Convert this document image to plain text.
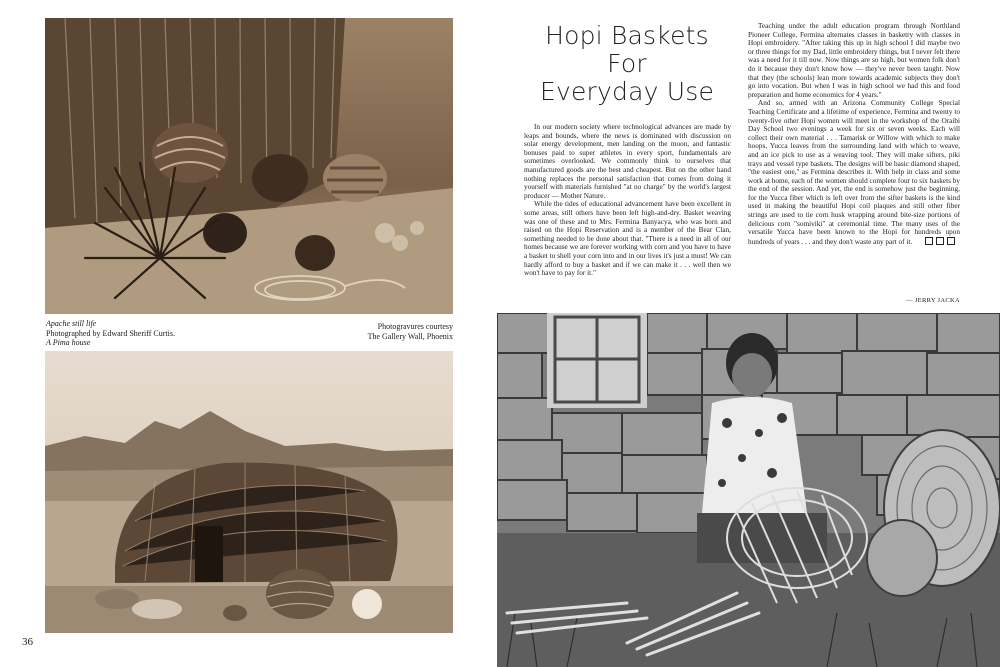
Apache still life
Photographed by Edward Sheriff Curtis.
A Pima house
Photogravures courtesy
The Gallery Wall, Phoenix
36
Hopi Baskets
For
Everyday Use

In our modern society where technological advances are made by leaps and bounds, where the news is dominated with discussion on solar energy development, men landing on the moon, and fantastic bonuses paid to super athletes in every sport, fundamentals are sometimes overlooked. We commonly think to ourselves that manufactured goods are the best and cheapest. But on the other hand nothing replaces the personal satisfaction that comes from doing it yourself with materials furnished "at no charge" by the world's largest producer — Mother Nature.

While the tides of educational advancement have been excellent in some areas, still others have been left high-and-dry. Basket weaving was one of these and to Mrs. Fermina Banyacya, who was born and raised on the Hopi Reservation and is a member of the Bear Clan, something needed to be done about that. "There is a need in all of our homes because we are forever working with corn and you have to have a basket to shell your corn into and in our lives it's just a must! We can hardly afford to buy a basket and if we can make it . . . well then we won't have to pay for it."

Teaching under the adult education program through Northland Pioneer College, Fermina alternates classes in basketry with classes in Hopi embroidery. "After taking this up in high school I did maybe two or three things for my Dad, little embroidery things, but I never felt there was a need for it till now. Now things are so high, but women folk don't do it because they don't know how — they've never been taught. Now that they (the schools) lean more towards academic subjects they don't go into vocation. But when I was in high school we had this and food preparation and home economics for 4 years."

And so, armed with an Arizona Community College Special Teaching Certificate and a lifetime of experience, Fermina and twenty to twenty-five other Hopi women will meet in the workshop of the Oraibi Day School two evenings a week for six or seven weeks. Each will collect their own material . . . Tamarisk or Willow with which to make hoops, Yucca leaves from the surrounding land with which to weave, and an ice pick to use as a weaving tool. They will make sifters, piki trays and vessel type baskets. The designs will be basic diamond shaped, "the easiest one," as Fermina describes it. With help in class and some work at home, each of the women should complete four to six baskets by the end of the session. And yet, the end is somehow just the beginning, for the Yucca fiber which is left over from the sifter baskets is the kind used in making the beautiful Hopi coil plaques and still other fiber strings are used to tie corn husk wrapping around bite-size portions of delicious corn "somiviki" at ceremonial time. The many uses of the versatile Yucca have been known to the Hopi for hundreds upon hundreds of years . . . and they don't waste any part of it.

— JERRY JACKA
